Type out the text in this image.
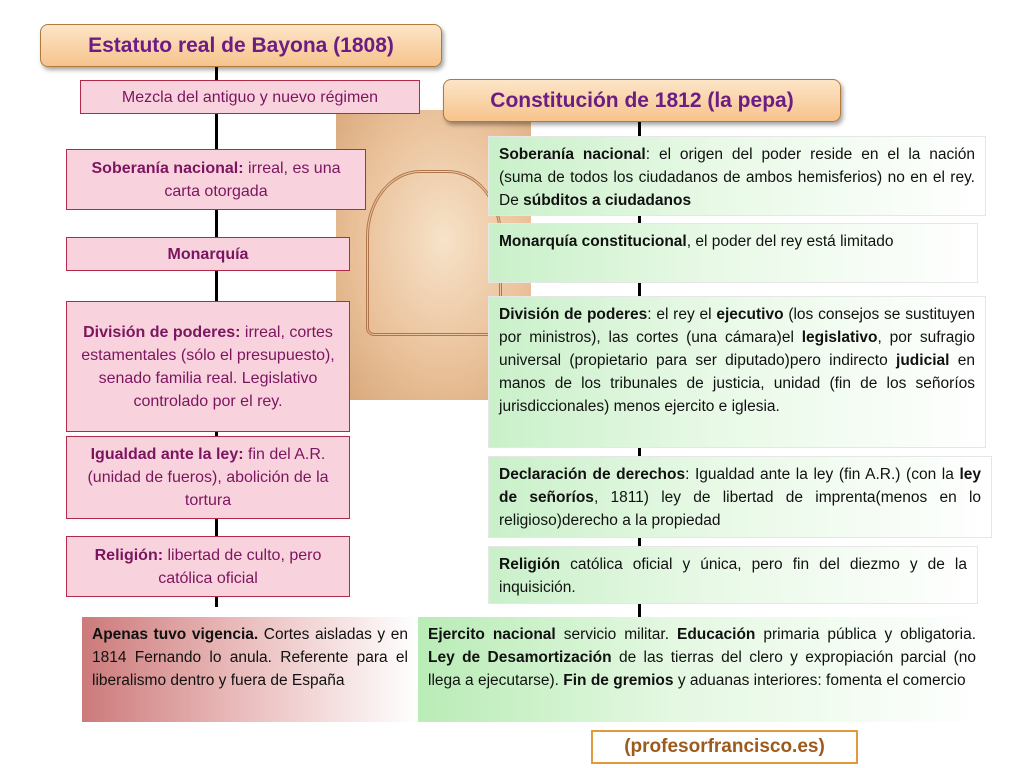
Estatuto real de Bayona (1808)
Constitución de 1812 (la pepa)
Mezcla del antiguo y nuevo régimen
Soberanía nacional: irreal, es una carta otorgada
Monarquía
División de poderes: irreal, cortes estamentales (sólo el presupuesto), senado familia real. Legislativo controlado por el rey.
Igualdad ante la ley: fin del A.R. (unidad de fueros), abolición de la tortura
Religión: libertad de culto, pero católica oficial
Soberanía nacional: el origen del poder reside en el la nación (suma de todos los ciudadanos de ambos hemisferios) no en el rey. De súbditos a ciudadanos
Monarquía constitucional, el poder del rey está limitado
División de poderes: el rey el ejecutivo (los consejos se sustituyen por ministros), las cortes (una cámara)el legislativo, por sufragio universal (propietario para ser diputado)pero indirecto judicial en manos de los tribunales de justicia, unidad (fin de los señoríos jurisdiccionales) menos ejercito e iglesia.
Declaración de derechos: Igualdad ante la ley (fin A.R.) (con la ley de señoríos, 1811) ley de libertad de imprenta(menos en lo religioso)derecho a la propiedad
Religión católica oficial y única, pero fin del diezmo y de la inquisición.
Apenas tuvo vigencia. Cortes aisladas y en 1814 Fernando lo anula. Referente para el liberalismo dentro y fuera de España
Ejercito nacional servicio militar. Educación primaria pública y obligatoria. Ley de Desamortización de las tierras del clero y expropiación parcial (no llega a ejecutarse). Fin de gremios y aduanas interiores: fomenta el comercio
(profesorfrancisco.es)
